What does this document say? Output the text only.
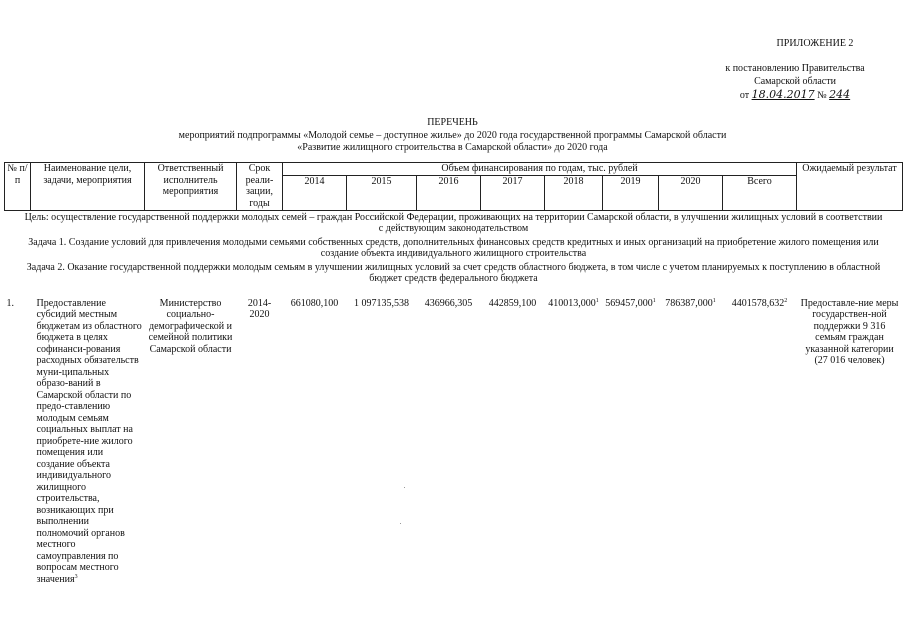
ПРИЛОЖЕНИЕ 2

к постановлению Правительства
Самарской области

от 18.04.2017 № 244
ПЕРЕЧЕНЬ
мероприятий подпрограммы «Молодой семье – доступное жилье» до 2020 года государственной программы Самарской области
«Развитие жилищного строительства в Самарской области» до 2020 года
№ п/п	Наименование цели, задачи, мероприятия	Ответственный исполнитель мероприятия	Срок реали-зации, годы	Объем финансирования по годам, тыс. рублей								Ожидаемый результат
				2014	2015	2016	2017	2018	2019	2020	Всего	
Цель: осуществление государственной поддержки молодых семей – граждан Российской Федерации, проживающих на территории Самарской области, в улучшении жилищных условий в соответствии с действующим законодательством												
Задача 1. Создание условий для привлечения молодыми семьями собственных средств, дополнительных финансовых средств кредитных и иных организаций на приобретение жилого помещения или создание объекта индивидуального жилищного строительства												
Задача 2. Оказание государственной поддержки молодым семьям в улучшении жилищных условий за счет средств областного бюджета, в том числе с учетом планируемых к поступлению в областной бюджет средств федерального бюджета												
1.	Предоставление субсидий местным бюджетам из областного бюджета в целях софинанси-рования расходных обязательств муни-ципальных образо-ваний в Самарской области по предо-ставлению молодым семьям социальных выплат на приобрете-ние жилого помещения или создание объекта индивидуального жилищного строительства, возникающих при выполнении полномочий органов местного самоуправления по вопросам местного значения$^3$	Министерство социально-демографической и семейной политики Самарской области	2014-2020	661080,100	1 097135,538	436966,305	442859,100	410013,000$^1$	569457,000$^1$	786387,000$^1$	4401578,632$^2$	Предоставле-ние меры государствен-ной поддержки 9 316 семьям граждан указанной категории (27 016 человек)
